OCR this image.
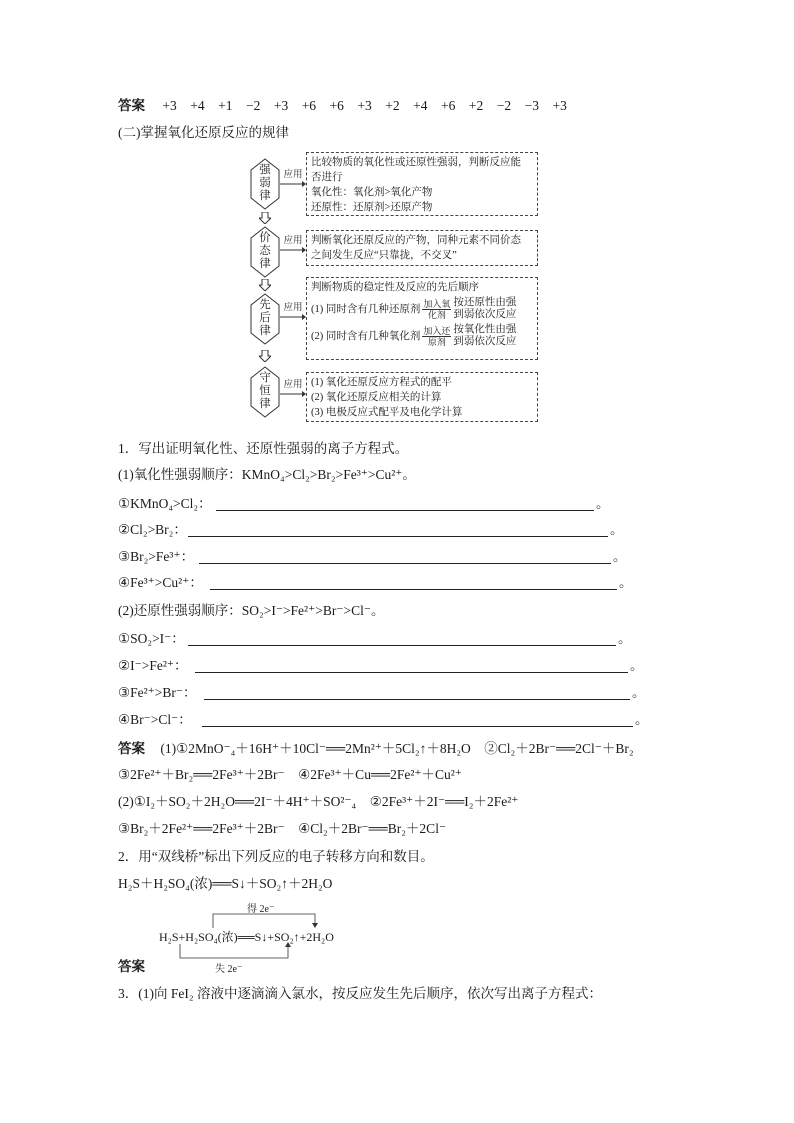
答案 +3　+4　+1　−2　+3　+6　+6　+3　+2　+4　+6　+2　−2　−3　+3
(二)掌握氧化还原反应的规律
强
弱
律
应用
比较物质的氧化性或还原性强弱，判断反应能
否进行
氧化性：氧化剂>氧化产物
还原性：还原剂>还原产物
价
态
律
应用 判断氧化还原反应的产物，同种元素不同价态
之间发生反应“只靠拢，不交叉”
先
后
律
应用
判断物质的稳定性及反应的先后顺序
(1) 同时含有几种还原剂 $\frac{\text{加入氧}}{\text{化剂}}$ 按还原性由强
到弱依次反应
(2) 同时含有几种氧化剂 $\frac{\text{加入还}}{\text{原剂}}$ 按氧化性由强
到弱依次反应
守
恒
律
应用 (1) 氧化还原反应方程式的配平
(2) 氧化还原反应相关的计算
(3) 电极反应式配平及电化学计算
1．写出证明氧化性、还原性强弱的离子方程式。
(1)氧化性强弱顺序：KMnO₄>Cl₂>Br₂>Fe³⁺>Cu²⁺。
①KMnO₄>Cl₂：	。
②Cl₂>Br₂：	。
③Br₂>Fe³⁺：	。
④Fe³⁺>Cu²⁺：	。
(2)还原性强弱顺序：SO₂>I⁻>Fe²⁺>Br⁻>Cl⁻。
①SO₂>I⁻：	。
②I⁻>Fe²⁺：	。
③Fe²⁺>Br⁻：	。
④Br⁻>Cl⁻：	。
答案 (1)①2MnO⁻₄＋16H⁺＋10Cl⁻══2Mn²⁺＋5Cl₂↑＋8H₂O　②Cl₂＋2Br⁻══2Cl⁻＋Br₂
③2Fe²⁺＋Br₂══2Fe³⁺＋2Br⁻　④2Fe³⁺＋Cu══2Fe²⁺＋Cu²⁺
(2)①I₂＋SO₂＋2H₂O══2I⁻＋4H⁺＋SO²⁻₄　②2Fe³⁺＋2I⁻══I₂＋2Fe²⁺
③Br₂＋2Fe²⁺══2Fe³⁺＋2Br⁻　④Cl₂＋2Br⁻══Br₂＋2Cl⁻
2．用“双线桥”标出下列反应的电子转移方向和数目。
H₂S＋H₂SO₄(浓)══S↓＋SO₂↑＋2H₂O
得 2e⁻
H₂S+H₂SO₄(浓)══S↓+SO₂↑+2H₂O
失 2e⁻
答案
3．(1)向 FeI₂ 溶液中逐滴滴入氯水，按反应发生先后顺序，依次写出离子方程式：
